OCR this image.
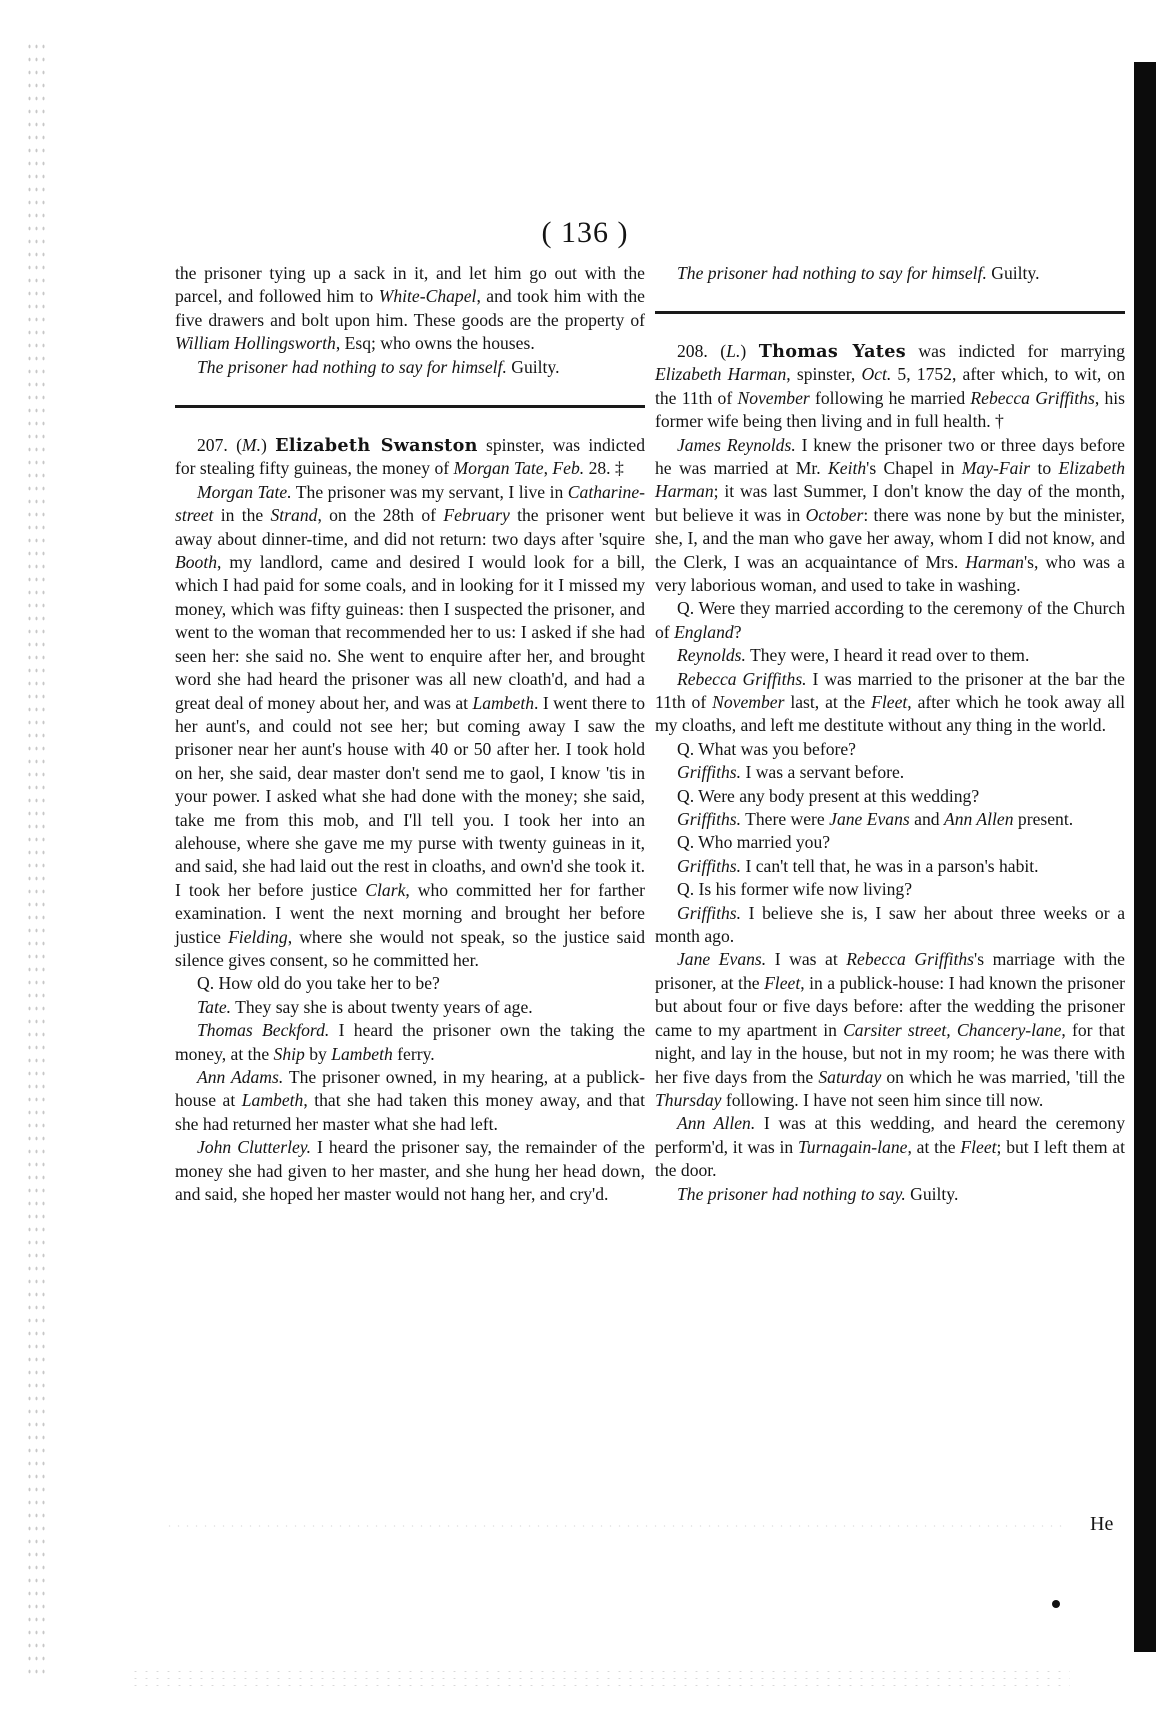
( 136 )

the prisoner tying up a sack in it, and let him go out with the parcel, and followed him to White-Chapel, and took him with the five drawers and bolt upon him. These goods are the property of William Hollingsworth, Esq; who owns the houses.

The prisoner had nothing to say for himself. Guilty.

207. (M.) Elizabeth Swanston spinster, was indicted for stealing fifty guineas, the money of Morgan Tate, Feb. 28. ‡

Morgan Tate. The prisoner was my servant, I live in Catharine-street in the Strand, on the 28th of February the prisoner went away about dinner-time, and did not return: two days after 'squire Booth, my landlord, came and desired I would look for a bill, which I had paid for some coals, and in looking for it I missed my money, which was fifty guineas: then I suspected the prisoner, and went to the woman that recommended her to us: I asked if she had seen her: she said no. She went to enquire after her, and brought word she had heard the prisoner was all new cloath'd, and had a great deal of money about her, and was at Lambeth. I went there to her aunt's, and could not see her; but coming away I saw the prisoner near her aunt's house with 40 or 50 after her. I took hold on her, she said, dear master don't send me to gaol, I know 'tis in your power. I asked what she had done with the money; she said, take me from this mob, and I'll tell you. I took her into an alehouse, where she gave me my purse with twenty guineas in it, and said, she had laid out the rest in cloaths, and own'd she took it. I took her before justice Clark, who committed her for farther examination. I went the next morning and brought her before justice Fielding, where she would not speak, so the justice said silence gives consent, so he committed her.

Q. How old do you take her to be?

Tate. They say she is about twenty years of age.

Thomas Beckford. I heard the prisoner own the taking the money, at the Ship by Lambeth ferry.

Ann Adams. The prisoner owned, in my hearing, at a publick-house at Lambeth, that she had taken this money away, and that she had returned her master what she had left.

John Clutterley. I heard the prisoner say, the remainder of the money she had given to her master, and she hung her head down, and said, she hoped her master would not hang her, and cry'd.

The prisoner had nothing to say for himself. Guilty.

208. (L.) Thomas Yates was indicted for marrying Elizabeth Harman, spinster, Oct. 5, 1752, after which, to wit, on the 11th of November following he married Rebecca Griffiths, his former wife being then living and in full health. †

James Reynolds. I knew the prisoner two or three days before he was married at Mr. Keith's Chapel in May-Fair to Elizabeth Harman; it was last Summer, I don't know the day of the month, but believe it was in October: there was none by but the minister, she, I, and the man who gave her away, whom I did not know, and the Clerk, I was an acquaintance of Mrs. Harman's, who was a very laborious woman, and used to take in washing.

Q. Were they married according to the ceremony of the Church of England?

Reynolds. They were, I heard it read over to them.

Rebecca Griffiths. I was married to the prisoner at the bar the 11th of November last, at the Fleet, after which he took away all my cloaths, and left me destitute without any thing in the world.

Q. What was you before?

Griffiths. I was a servant before.

Q. Were any body present at this wedding?

Griffiths. There were Jane Evans and Ann Allen present.

Q. Who married you?

Griffiths. I can't tell that, he was in a parson's habit.

Q. Is his former wife now living?

Griffiths. I believe she is, I saw her about three weeks or a month ago.

Jane Evans. I was at Rebecca Griffiths's marriage with the prisoner, at the Fleet, in a publick-house: I had known the prisoner but about four or five days before: after the wedding the prisoner came to my apartment in Carsiter street, Chancery-lane, for that night, and lay in the house, but not in my room; he was there with her five days from the Saturday on which he was married, 'till the Thursday following. I have not seen him since till now.

Ann Allen. I was at this wedding, and heard the ceremony perform'd, it was in Turnagain-lane, at the Fleet; but I left them at the door.

The prisoner had nothing to say. Guilty.

He
